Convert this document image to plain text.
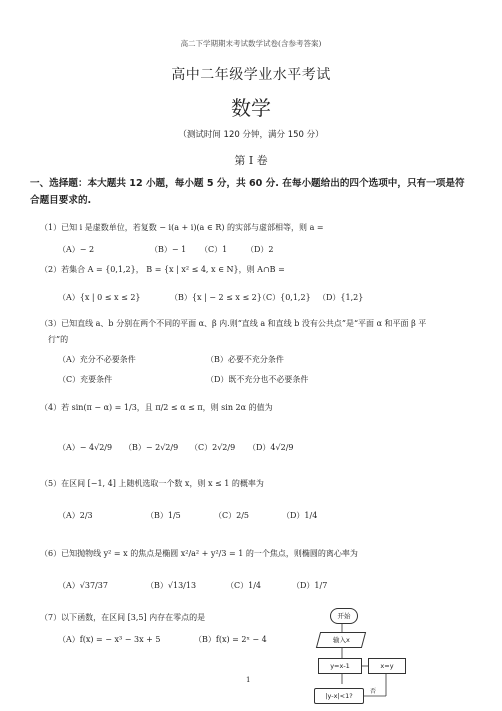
高二下学期期末考试数学试卷(含参考答案)
高中二年级学业水平考试
数学
（测试时间 120 分钟，满分 150 分）
第 I 卷
一、选择题：本大题共 12 小题，每小题 5 分，共 60 分. 在每小题给出的四个选项中，只有一项是符合题目要求的.
（1）已知 i 是虚数单位，若复数 − i(a + i)(a ∈ R) 的实部与虚部相等，则 a =
（A）− 2	（B）− 1 （C）1 （D）2
（2）若集合 A = {0,1,2}， B = {x | x² ≤ 4, x ∈ N}，则 A∩B =
（A）{x | 0 ≤ x ≤ 2}	（B）{x | − 2 ≤ x ≤ 2}
（C）{0,1,2} （D）{1,2}
（3）已知直线 a、b 分别在两个不同的平面 α、β 内.则“直线 a 和直线 b 没有公共点”是“平面 α 和平面 β 平
行”的
（A）充分不必要条件	（B）必要不充分条件
（C）充要条件	（D）既不充分也不必要条件
（4）若 sin(π − α) = 1/3，且 π/2 ≤ α ≤ π，则 sin 2α 的值为
（A）− 4√2/9 （B）− 2√2/9 （C）2√2/9 （D）4√2/9
（5）在区间 [−1, 4] 上随机选取一个数 x，则 x ≤ 1 的概率为
（A）2/3	（B）1/5	（C）2/5	（D）1/4
（6）已知抛物线 y² = x 的焦点是椭圆 x²/a² + y²/3 = 1 的一个焦点，则椭圆的离心率为
（A）√37/37	（B）√13/13	（C）1/4	（D）1/7
（7）以下函数，在区间 [3,5] 内存在零点的是
（A）f(x) = − x³ − 3x + 5	（B）f(x) = 2ˣ − 4
开始
输入x
y=x-1	x=y
否
|y-x|<1?
1
